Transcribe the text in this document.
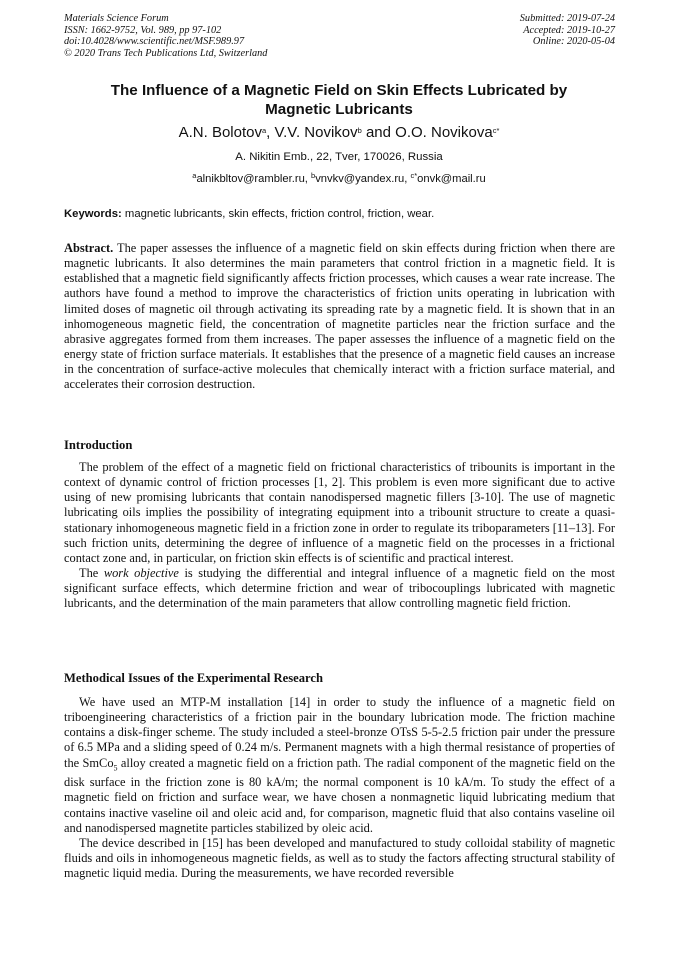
Materials Science Forum
ISSN: 1662-9752, Vol. 989, pp 97-102
doi:10.4028/www.scientific.net/MSF.989.97
© 2020 Trans Tech Publications Ltd, Switzerland
Submitted: 2019-07-24
Accepted: 2019-10-27
Online: 2020-05-04
The Influence of a Magnetic Field on Skin Effects Lubricated by Magnetic Lubricants
A.N. Bolotov$^a$, V.V. Novikov$^b$ and O.O. Novikova$^{c*}$
A. Nikitin Emb., 22, Tver, 170026, Russia
$^a$alnikbltov@rambler.ru, $^b$vnvkv@yandex.ru, $^{c*}$onvk@mail.ru
Keywords: magnetic lubricants, skin effects, friction control, friction, wear.

Abstract. The paper assesses the influence of a magnetic field on skin effects during friction when there are magnetic lubricants. It also determines the main parameters that control friction in a magnetic field. It is established that a magnetic field significantly affects friction processes, which causes a wear rate increase. The authors have found a method to improve the characteristics of friction units operating in lubrication with limited doses of magnetic oil through activating its spreading rate by a magnetic field. It is shown that in an inhomogeneous magnetic field, the concentration of magnetite particles near the friction surface and the abrasive aggregates formed from them increases. The paper assesses the influence of a magnetic field on the energy state of friction surface materials. It establishes that the presence of a magnetic field causes an increase in the concentration of surface-active molecules that chemically interact with a friction surface material, and accelerates their corrosion destruction.

Introduction

The problem of the effect of a magnetic field on frictional characteristics of tribounits is important in the context of dynamic control of friction processes [1, 2]. This problem is even more significant due to active using of new promising lubricants that contain nanodispersed magnetic fillers [3-10]. The use of magnetic lubricating oils implies the possibility of integrating equipment into a tribounit structure to create a quasi-stationary inhomogeneous magnetic field in a friction zone in order to regulate its triboparameters [11–13]. For such friction units, determining the degree of influence of a magnetic field on the processes in a frictional contact zone and, in particular, on friction skin effects is of scientific and practical interest.

The work objective is studying the differential and integral influence of a magnetic field on the most significant surface effects, which determine friction and wear of tribocouplings lubricated with magnetic lubricants, and the determination of the main parameters that allow controlling magnetic field friction.

Methodical Issues of the Experimental Research

We have used an MTP-M installation [14] in order to study the influence of a magnetic field on triboengineering characteristics of a friction pair in the boundary lubrication mode. The friction machine contains a disk-finger scheme. The study included a steel-bronze OTsS 5-5-2.5 friction pair under the pressure of 6.5 MPa and a sliding speed of 0.24 m/s. Permanent magnets with a high thermal resistance of properties of the SmCo$_5$ alloy created a magnetic field on a friction path. The radial component of the magnetic field on the disk surface in the friction zone is 80 kA/m; the normal component is 10 kA/m. To study the effect of a magnetic field on friction and surface wear, we have chosen a nonmagnetic liquid lubricating medium that contains inactive vaseline oil and oleic acid and, for comparison, magnetic fluid that also contains vaseline oil and nanodispersed magnetite particles stabilized by oleic acid.

The device described in [15] has been developed and manufactured to study colloidal stability of magnetic fluids and oils in inhomogeneous magnetic fields, as well as to study the factors affecting structural stability of magnetic liquid media. During the measurements, we have recorded reversible
